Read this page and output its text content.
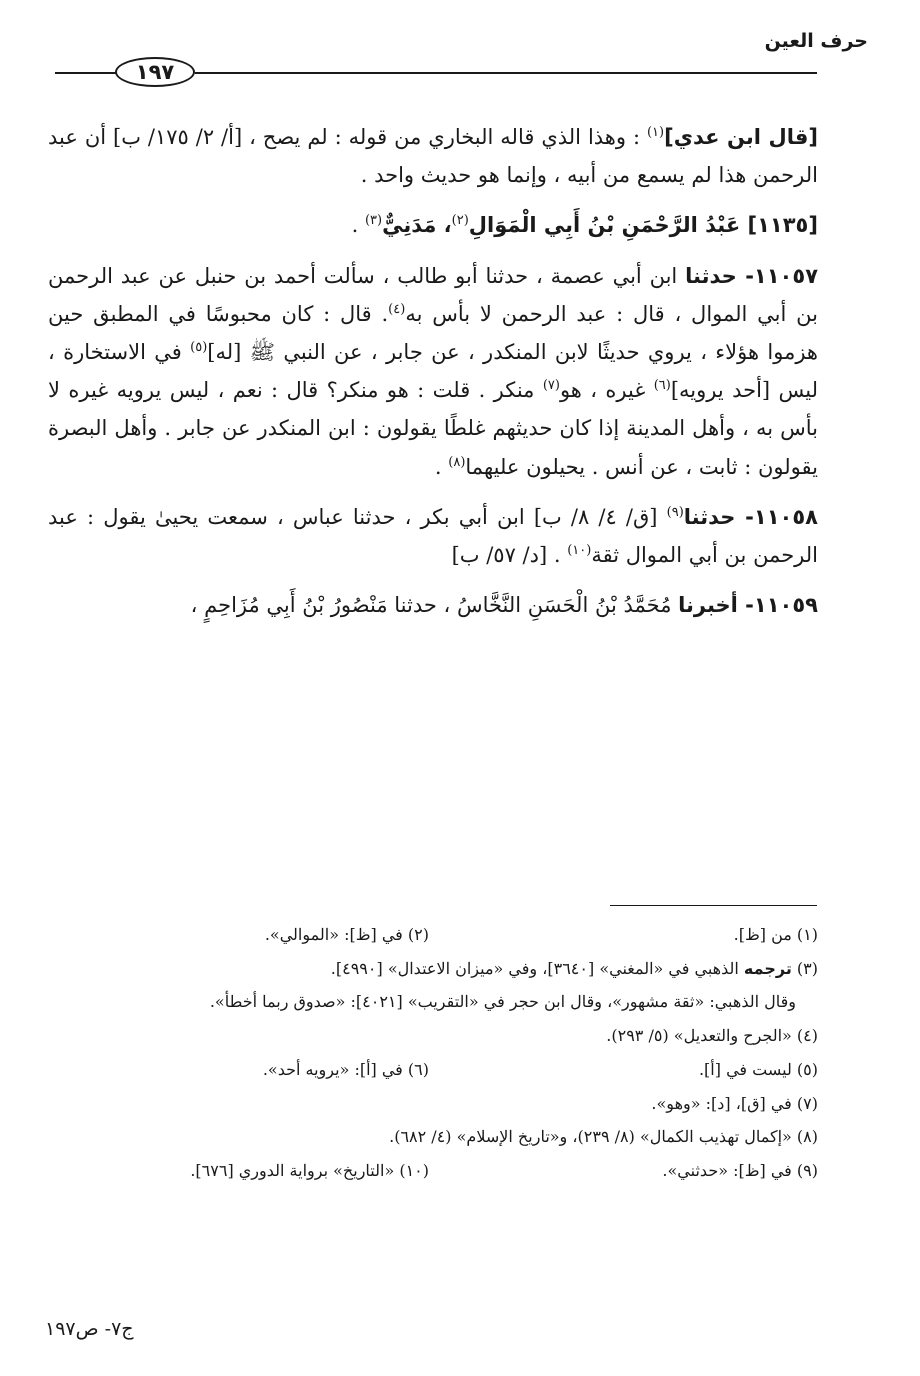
حرف العين
١٩٧

[قال ابن عدي]$^{(١)}$ : وهذا الذي قاله البخاري من قوله : لم يصح ، [أ/ ٢/ ١٧٥/ ب] أن عبد الرحمن هذا لم يسمع من أبيه ، وإنما هو حديث واحد .

[١١٣٥] عَبْدُ الرَّحْمَنِ بْنُ أَبِي الْمَوَالِ$^{(٢)}$، مَدَنِيٌّ$^{(٣)}$ .

١١٠٥٧- حدثنا ابن أبي عصمة ، حدثنا أبو طالب ، سألت أحمد بن حنبل عن عبد الرحمن بن أبي الموال ، قال : عبد الرحمن لا بأس به$^{(٤)}$. قال : كان محبوسًا في المطبق حين هزموا هؤلاء ، يروي حديثًا لابن المنكدر ، عن جابر ، عن النبي ﷺ [له]$^{(٥)}$ في الاستخارة ، ليس [أحد يرويه]$^{(٦)}$ غيره ، هو$^{(٧)}$ منكر . قلت : هو منكر؟ قال : نعم ، ليس يرويه غيره لا بأس به ، وأهل المدينة إذا كان حديثهم غلطًا يقولون : ابن المنكدر عن جابر . وأهل البصرة يقولون : ثابت ، عن أنس . يحيلون عليهما$^{(٨)}$ .

١١٠٥٨- حدثنا$^{(٩)}$ [ق/ ٤/ ٨/ ب] ابن أبي بكر ، حدثنا عباس ، سمعت يحيىٰ يقول : عبد الرحمن بن أبي الموال ثقة$^{(١٠)}$ . [د/ ٥٧/ ب]

١١٠٥٩- أخبرنا مُحَمَّدُ بْنُ الْحَسَنِ النَّخَّاسُ ، حدثنا مَنْصُورُ بْنُ أَبِي مُزَاحِمٍ ،

(١) من [ظ].
(٢) في [ظ]: «الموالي».
(٣) ترجمه الذهبي في «المغني» [٣٦٤٠]، وفي «ميزان الاعتدال» [٤٩٩٠].
وقال الذهبي: «ثقة مشهور»، وقال ابن حجر في «التقريب» [٤٠٢١]: «صدوق ربما أخطأ».
(٤) «الجرح والتعديل» (٥/ ٢٩٣).
(٥) ليست في [أ].
(٦) في [أ]: «يرويه أحد».
(٧) في [ق]، [د]: «وهو».
(٨) «إكمال تهذيب الكمال» (٨/ ٢٣٩)، و«تاريخ الإسلام» (٤/ ٦٨٢).
(٩) في [ظ]: «حدثني».
(١٠) «التاريخ» برواية الدوري [٦٧٦].

ج٧- ص١٩٧
